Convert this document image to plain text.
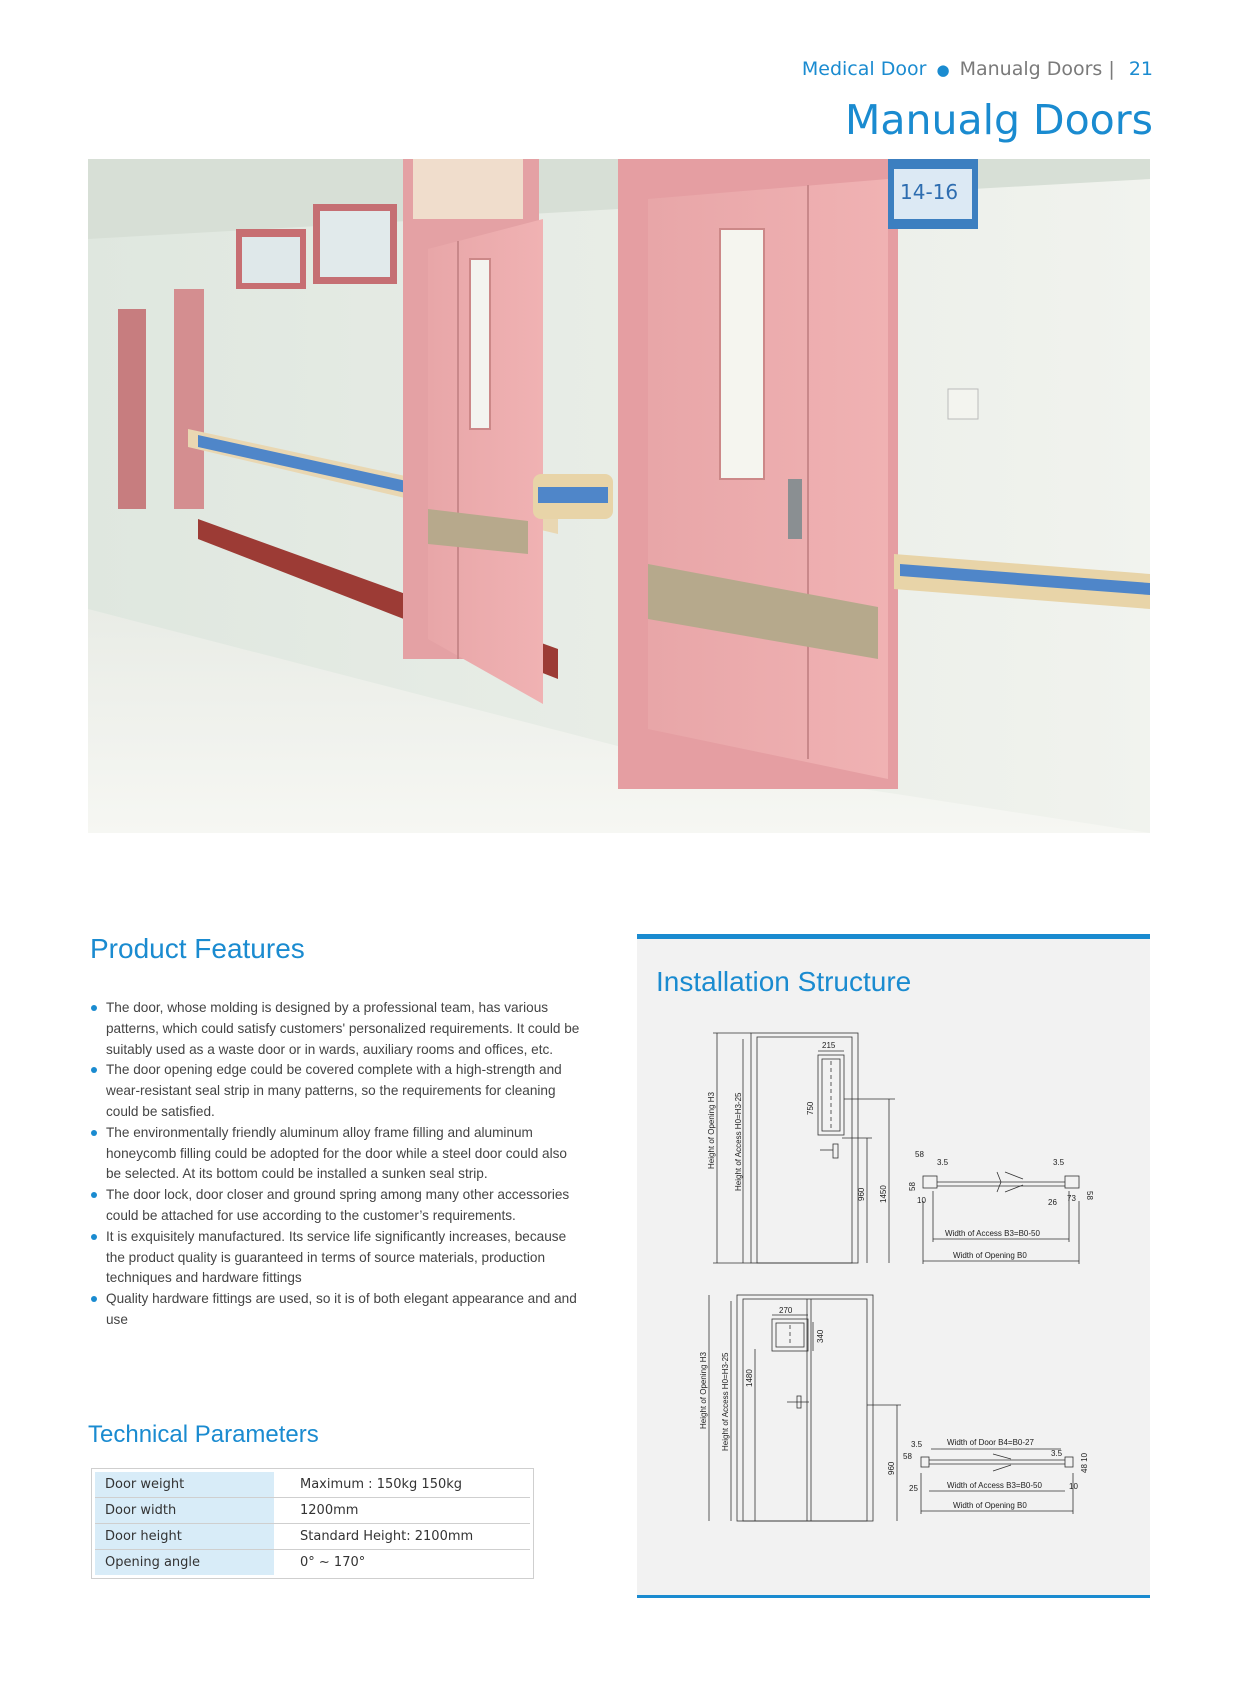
Medical Door ● Manualg Doors | 21
Manualg Doors
14-16
Product Features
The door, whose molding is designed by a professional team, has various patterns, which could satisfy customers' personalized requirements. It could be suitably used as a waste door or in wards, auxiliary rooms and offices, etc.
The door opening edge could be covered complete with a high-strength and wear-resistant seal strip in many patterns, so the requirements for cleaning could be satisfied.
The environmentally friendly aluminum alloy frame filling and aluminum honeycomb filling could be adopted for the door while a steel door could also be selected. At its bottom could be installed a sunken seal strip.
The door lock, door closer and ground spring among many other accessories could be attached for use according to the customer’s requirements.
It is exquisitely manufactured. Its service life significantly increases, because the product quality is guaranteed in terms of source materials, production techniques and hardware fittings
Quality hardware fittings are used, so it is of both elegant appearance and and use
Technical Parameters
Door weight	Maximum : 150kg 150kg
Door width	1200mm
Door height	Standard Height: 2100mm
Opening angle	0° ~ 170°
Installation Structure
Height of Opening H3 Height of Access H0=H3-25
215
750
960 1450
58
3.5	3.5
58
58
10	26 73
Width of Access B3=B0-50
Width of Opening B0
Height of Opening H3 Height of Access H0=H3-25
270
340
1480
960
3.5
58
Width of Door B4=B0-27
3.5 48 10
25	10
Width of Access B3=B0-50
Width of Opening B0
